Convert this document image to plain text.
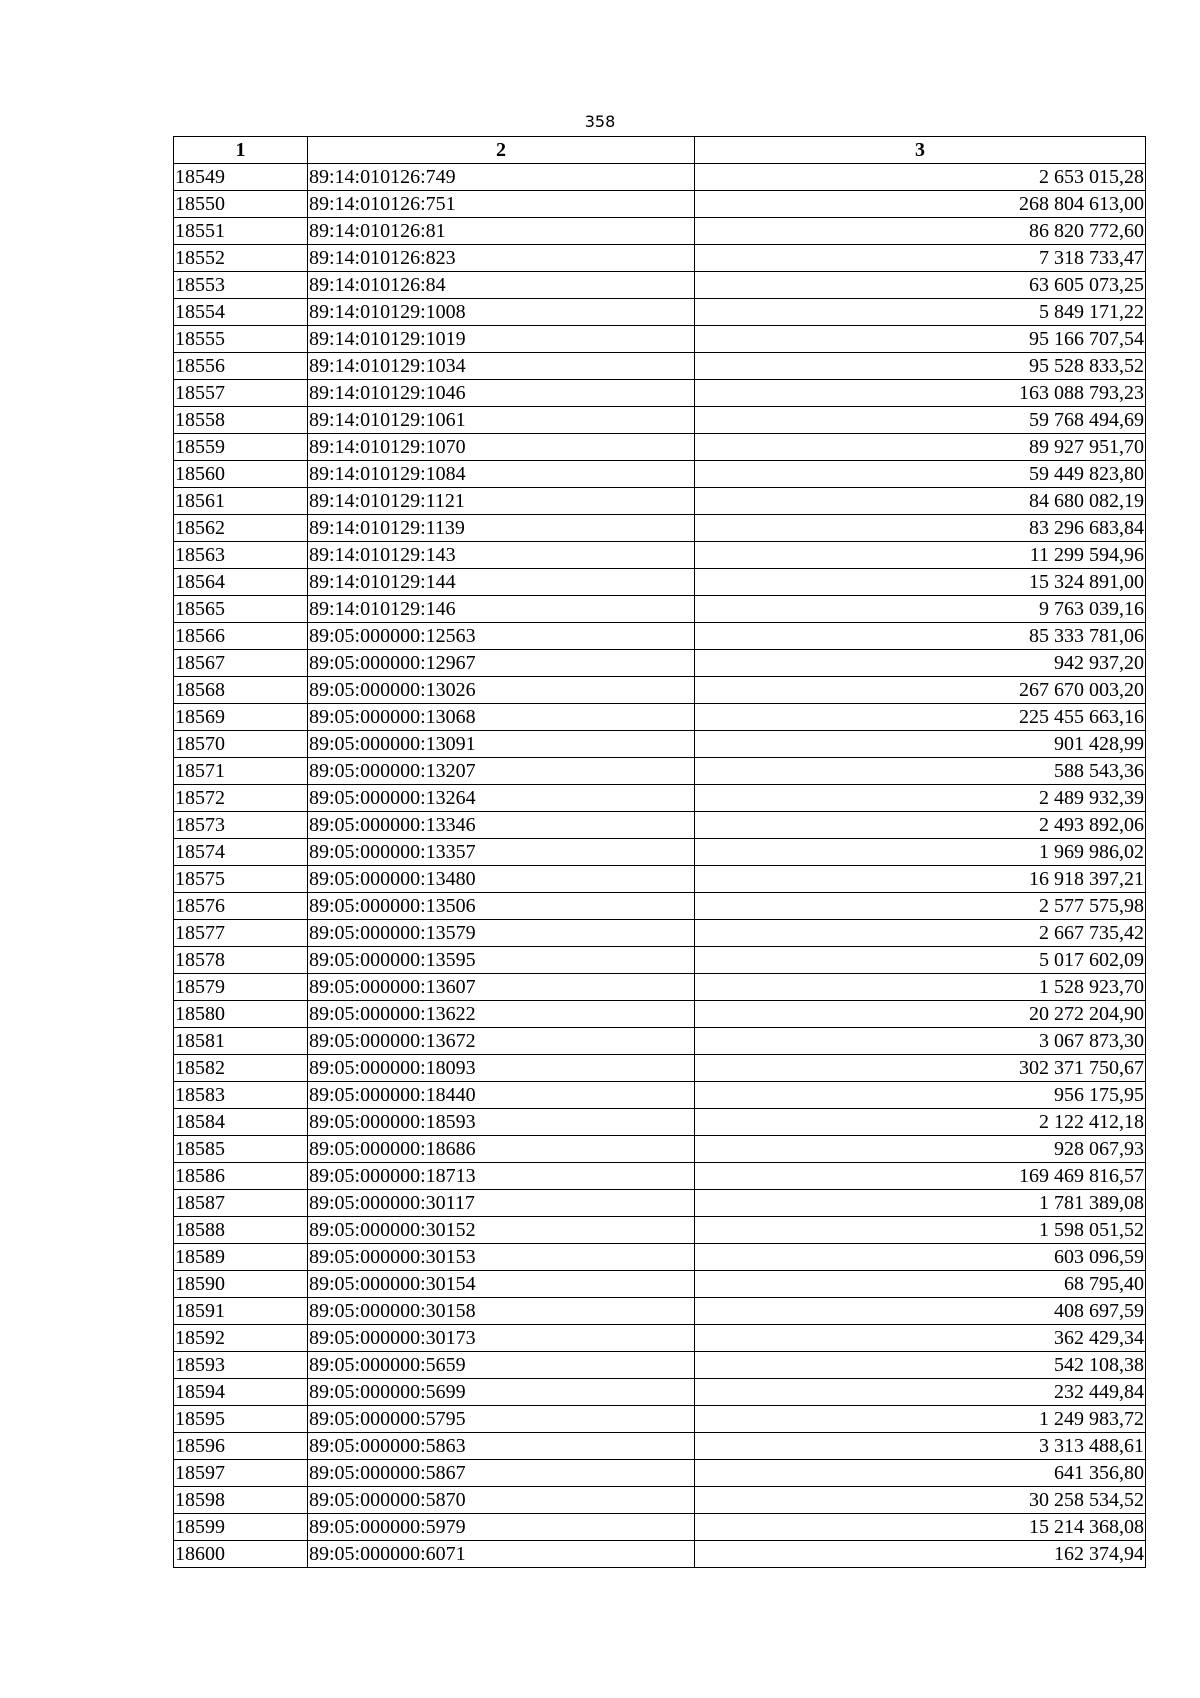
358
1	2	3
18549	89:14:010126:749	2 653 015,28
18550	89:14:010126:751	268 804 613,00
18551	89:14:010126:81	86 820 772,60
18552	89:14:010126:823	7 318 733,47
18553	89:14:010126:84	63 605 073,25
18554	89:14:010129:1008	5 849 171,22
18555	89:14:010129:1019	95 166 707,54
18556	89:14:010129:1034	95 528 833,52
18557	89:14:010129:1046	163 088 793,23
18558	89:14:010129:1061	59 768 494,69
18559	89:14:010129:1070	89 927 951,70
18560	89:14:010129:1084	59 449 823,80
18561	89:14:010129:1121	84 680 082,19
18562	89:14:010129:1139	83 296 683,84
18563	89:14:010129:143	11 299 594,96
18564	89:14:010129:144	15 324 891,00
18565	89:14:010129:146	9 763 039,16
18566	89:05:000000:12563	85 333 781,06
18567	89:05:000000:12967	942 937,20
18568	89:05:000000:13026	267 670 003,20
18569	89:05:000000:13068	225 455 663,16
18570	89:05:000000:13091	901 428,99
18571	89:05:000000:13207	588 543,36
18572	89:05:000000:13264	2 489 932,39
18573	89:05:000000:13346	2 493 892,06
18574	89:05:000000:13357	1 969 986,02
18575	89:05:000000:13480	16 918 397,21
18576	89:05:000000:13506	2 577 575,98
18577	89:05:000000:13579	2 667 735,42
18578	89:05:000000:13595	5 017 602,09
18579	89:05:000000:13607	1 528 923,70
18580	89:05:000000:13622	20 272 204,90
18581	89:05:000000:13672	3 067 873,30
18582	89:05:000000:18093	302 371 750,67
18583	89:05:000000:18440	956 175,95
18584	89:05:000000:18593	2 122 412,18
18585	89:05:000000:18686	928 067,93
18586	89:05:000000:18713	169 469 816,57
18587	89:05:000000:30117	1 781 389,08
18588	89:05:000000:30152	1 598 051,52
18589	89:05:000000:30153	603 096,59
18590	89:05:000000:30154	68 795,40
18591	89:05:000000:30158	408 697,59
18592	89:05:000000:30173	362 429,34
18593	89:05:000000:5659	542 108,38
18594	89:05:000000:5699	232 449,84
18595	89:05:000000:5795	1 249 983,72
18596	89:05:000000:5863	3 313 488,61
18597	89:05:000000:5867	641 356,80
18598	89:05:000000:5870	30 258 534,52
18599	89:05:000000:5979	15 214 368,08
18600	89:05:000000:6071	162 374,94
